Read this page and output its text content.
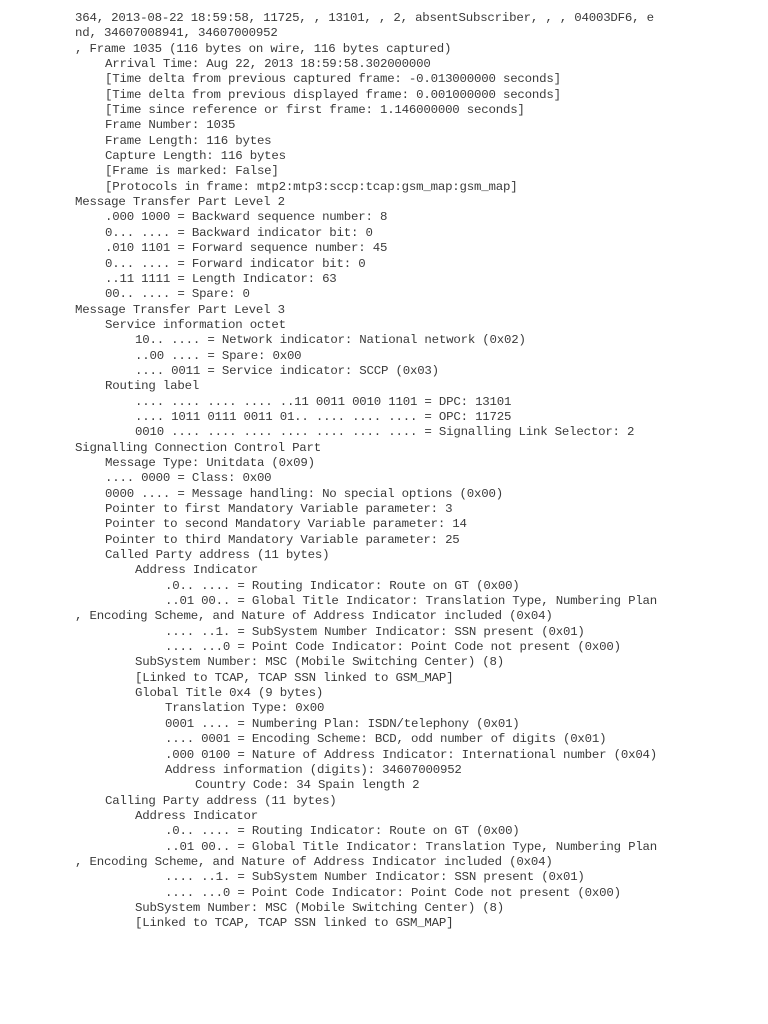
364, 2013-08-22 18:59:58, 11725, , 13101, , 2, absentSubscriber, , , 04003DF6, e
nd, 34607008941, 34607000952
, Frame 1035 (116 bytes on wire, 116 bytes captured)
Arrival Time: Aug 22, 2013 18:59:58.302000000
[Time delta from previous captured frame: -0.013000000 seconds]
[Time delta from previous displayed frame: 0.001000000 seconds]
[Time since reference or first frame: 1.146000000 seconds]
Frame Number: 1035
Frame Length: 116 bytes
Capture Length: 116 bytes
[Frame is marked: False]
[Protocols in frame: mtp2:mtp3:sccp:tcap:gsm_map:gsm_map]
Message Transfer Part Level 2
.000 1000 = Backward sequence number: 8
0... .... = Backward indicator bit: 0
.010 1101 = Forward sequence number: 45
0... .... = Forward indicator bit: 0
..11 1111 = Length Indicator: 63
00.. .... = Spare: 0
Message Transfer Part Level 3
Service information octet
10.. .... = Network indicator: National network (0x02)
..00 .... = Spare: 0x00
.... 0011 = Service indicator: SCCP (0x03)
Routing label
.... .... .... .... ..11 0011 0010 1101 = DPC: 13101
.... 1011 0111 0011 01.. .... .... .... = OPC: 11725
0010 .... .... .... .... .... .... .... = Signalling Link Selector: 2
Signalling Connection Control Part
Message Type: Unitdata (0x09)
.... 0000 = Class: 0x00
0000 .... = Message handling: No special options (0x00)
Pointer to first Mandatory Variable parameter: 3
Pointer to second Mandatory Variable parameter: 14
Pointer to third Mandatory Variable parameter: 25
Called Party address (11 bytes)
Address Indicator
.0.. .... = Routing Indicator: Route on GT (0x00)
..01 00.. = Global Title Indicator: Translation Type, Numbering Plan
, Encoding Scheme, and Nature of Address Indicator included (0x04)
.... ..1. = SubSystem Number Indicator: SSN present (0x01)
.... ...0 = Point Code Indicator: Point Code not present (0x00)
SubSystem Number: MSC (Mobile Switching Center) (8)
[Linked to TCAP, TCAP SSN linked to GSM_MAP]
Global Title 0x4 (9 bytes)
Translation Type: 0x00
0001 .... = Numbering Plan: ISDN/telephony (0x01)
.... 0001 = Encoding Scheme: BCD, odd number of digits (0x01)
.000 0100 = Nature of Address Indicator: International number (0x04)
Address information (digits): 34607000952
Country Code: 34 Spain length 2
Calling Party address (11 bytes)
Address Indicator
.0.. .... = Routing Indicator: Route on GT (0x00)
..01 00.. = Global Title Indicator: Translation Type, Numbering Plan
, Encoding Scheme, and Nature of Address Indicator included (0x04)
.... ..1. = SubSystem Number Indicator: SSN present (0x01)
.... ...0 = Point Code Indicator: Point Code not present (0x00)
SubSystem Number: MSC (Mobile Switching Center) (8)
[Linked to TCAP, TCAP SSN linked to GSM_MAP]
